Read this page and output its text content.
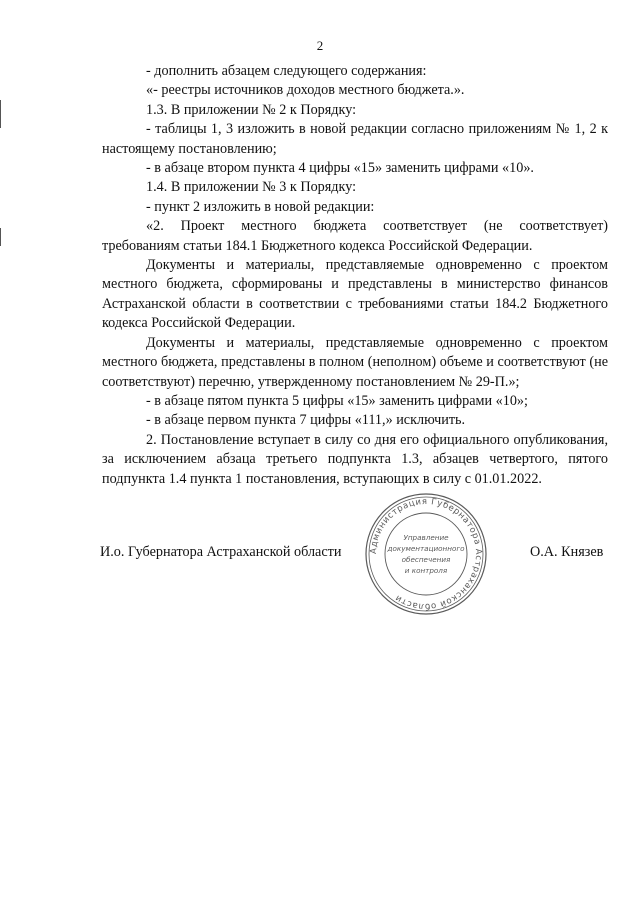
2

- дополнить абзацем следующего содержания:

«- реестры источников доходов местного бюджета.».

1.3. В приложении № 2 к Порядку:

- таблицы 1, 3 изложить в новой редакции согласно приложениям № 1, 2 к настоящему постановлению;

- в абзаце втором пункта 4 цифры «15» заменить цифрами «10».

1.4. В приложении № 3 к Порядку:

- пункт 2 изложить в новой редакции:

«2. Проект местного бюджета соответствует (не соответствует) требованиям статьи 184.1 Бюджетного кодекса Российской Федерации.

Документы и материалы, представляемые одновременно с проектом местного бюджета, сформированы и представлены в министерство финансов Астраханской области в соответствии с требованиями статьи 184.2 Бюджетного кодекса Российской Федерации.

Документы и материалы, представляемые одновременно с проектом местного бюджета, представлены в полном (неполном) объеме и соответствуют (не соответствуют) перечню, утвержденному постановлением № 29-П.»;

- в абзаце пятом пункта 5 цифры «15» заменить цифрами «10»;

- в абзаце первом пункта 7 цифры «111,» исключить.

2. Постановление вступает в силу со дня его официального опубликования, за исключением абзаца третьего подпункта 1.3, абзацев четвертого, пятого подпункта 1.4 пункта 1 постановления, вступающих в силу с 01.01.2022.

И.о. Губернатора Астраханской области	О.А. Князев
Администрация Губернатора Астраханской области
Управление
документационного
обеспечения
и контроля
